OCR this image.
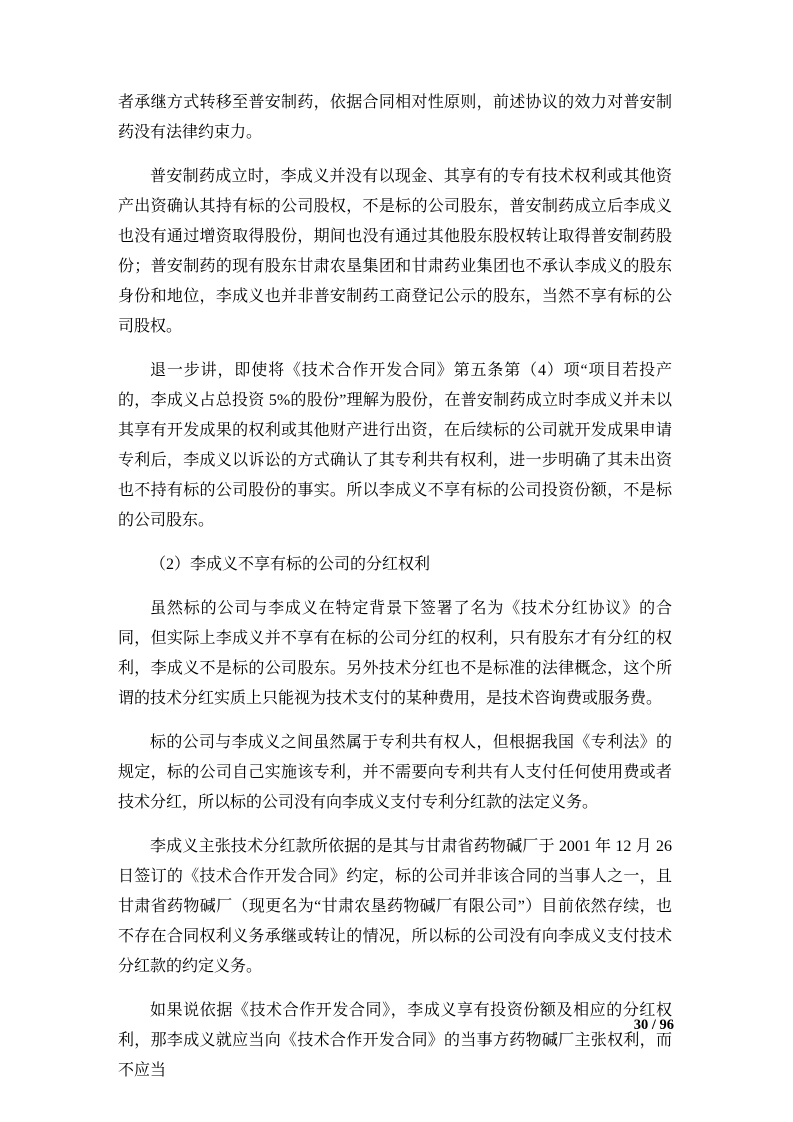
者承继方式转移至普安制药，依据合同相对性原则，前述协议的效力对普安制药没有法律约束力。

普安制药成立时，李成义并没有以现金、其享有的专有技术权利或其他资产出资确认其持有标的公司股权，不是标的公司股东，普安制药成立后李成义也没有通过增资取得股份，期间也没有通过其他股东股权转让取得普安制药股份；普安制药的现有股东甘肃农垦集团和甘肃药业集团也不承认李成义的股东身份和地位，李成义也并非普安制药工商登记公示的股东，当然不享有标的公司股权。

退一步讲，即使将《技术合作开发合同》第五条第（4）项“项目若投产的，李成义占总投资 5%的股份”理解为股份，在普安制药成立时李成义并未以其享有开发成果的权利或其他财产进行出资，在后续标的公司就开发成果申请专利后，李成义以诉讼的方式确认了其专利共有权利，进一步明确了其未出资也不持有标的公司股份的事实。所以李成义不享有标的公司投资份额，不是标的公司股东。

（2）李成义不享有标的公司的分红权利

虽然标的公司与李成义在特定背景下签署了名为《技术分红协议》的合同，但实际上李成义并不享有在标的公司分红的权利，只有股东才有分红的权利，李成义不是标的公司股东。另外技术分红也不是标准的法律概念，这个所谓的技术分红实质上只能视为技术支付的某种费用，是技术咨询费或服务费。

标的公司与李成义之间虽然属于专利共有权人，但根据我国《专利法》的规定，标的公司自己实施该专利，并不需要向专利共有人支付任何使用费或者技术分红，所以标的公司没有向李成义支付专利分红款的法定义务。

李成义主张技术分红款所依据的是其与甘肃省药物碱厂于 2001 年 12 月 26 日签订的《技术合作开发合同》约定，标的公司并非该合同的当事人之一，且甘肃省药物碱厂（现更名为“甘肃农垦药物碱厂有限公司”）目前依然存续，也不存在合同权利义务承继或转让的情况，所以标的公司没有向李成义支付技术分红款的约定义务。

如果说依据《技术合作开发合同》，李成义享有投资份额及相应的分红权利，那李成义就应当向《技术合作开发合同》的当事方药物碱厂主张权利，而不应当

30 / 96
